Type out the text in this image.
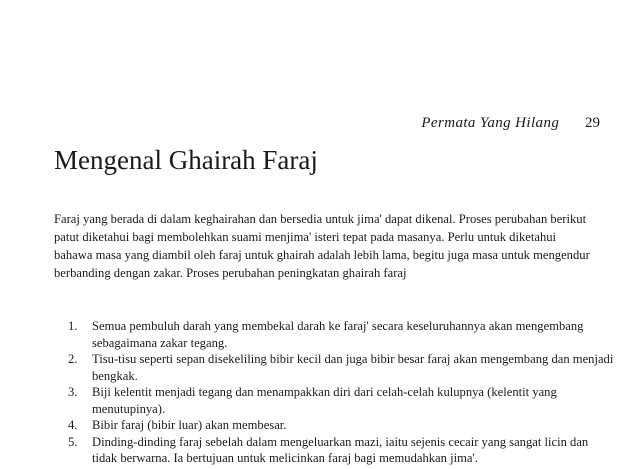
Permata Yang Hilang 29
Mengenal Ghairah Faraj

Faraj yang berada di dalam keghairahan dan bersedia untuk jima' dapat dikenal. Proses perubahan berikut patut diketahui bagi membolehkan suami menjima' isteri tepat pada masanya. Perlu untuk diketahui bahawa masa yang diambil oleh faraj untuk ghairah adalah lebih lama, begitu juga masa untuk mengendur berbanding dengan zakar. Proses perubahan peningkatan ghairah faraj

1. Semua pembuluh darah yang membekal darah ke faraj' secara keseluruhannya akan mengembang sebagaimana zakar tegang.
2. Tisu-tisu seperti sepan disekeliling bibir kecil dan juga bibir besar faraj akan mengembang dan menjadi bengkak.
3. Biji kelentit menjadi tegang dan menampakkan diri dari celah-celah kulupnya (kelentit yang menutupinya).
4. Bibir faraj (bibir luar) akan membesar.
5. Dinding-dinding faraj sebelah dalam mengeluarkan mazi, iaitu sejenis cecair yang sangat licin dan tidak berwarna. Ia bertujuan untuk melicinkan faraj bagi memudahkan jima'.
